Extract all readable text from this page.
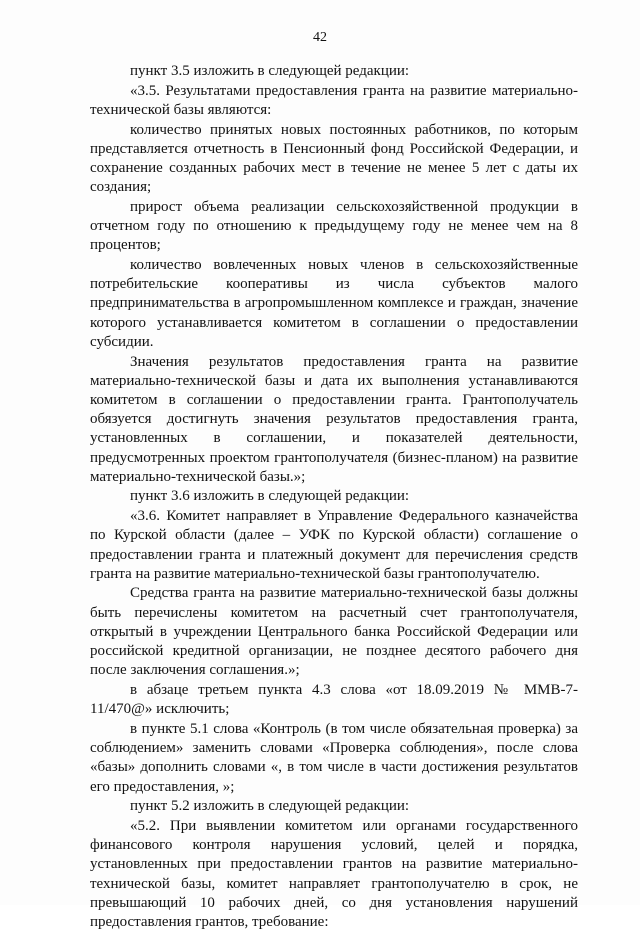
42

пункт 3.5 изложить в следующей редакции:

«3.5. Результатами предоставления гранта на развитие материально-технической базы являются:

количество принятых новых постоянных работников, по которым представляется отчетность в Пенсионный фонд Российской Федерации, и сохранение созданных рабочих мест в течение не менее 5 лет с даты их создания;

прирост объема реализации сельскохозяйственной продукции в отчетном году по отношению к предыдущему году не менее чем на 8 процентов;

количество вовлеченных новых членов в сельскохозяйственные потребительские кооперативы из числа субъектов малого предпринимательства в агропромышленном комплексе и граждан, значение которого устанавливается комитетом в соглашении о предоставлении субсидии.

Значения результатов предоставления гранта на развитие материально-технической базы и дата их выполнения устанавливаются комитетом в соглашении о предоставлении гранта. Грантополучатель обязуется достигнуть значения результатов предоставления гранта, установленных в соглашении, и показателей деятельности, предусмотренных проектом грантополучателя (бизнес-планом) на развитие материально-технической базы.»;

пункт 3.6 изложить в следующей редакции:

«3.6. Комитет направляет в Управление Федерального казначейства по Курской области (далее – УФК по Курской области) соглашение о предоставлении гранта и платежный документ для перечисления средств гранта на развитие материально-технической базы грантополучателю.

Средства гранта на развитие материально-технической базы должны быть перечислены комитетом на расчетный счет грантополучателя, открытый в учреждении Центрального банка Российской Федерации или российской кредитной организации, не позднее десятого рабочего дня после заключения соглашения.»;

в абзаце третьем пункта 4.3 слова «от 18.09.2019 № МMB-7-11/470@» исключить;

в пункте 5.1 слова «Контроль (в том числе обязательная проверка) за соблюдением» заменить словами «Проверка соблюдения», после слова «базы» дополнить словами «, в том числе в части достижения результатов его предоставления, »;

пункт 5.2 изложить в следующей редакции:

«5.2. При выявлении комитетом или органами государственного финансового контроля нарушения условий, целей и порядка, установленных при предоставлении грантов на развитие материально-технической базы, комитет направляет грантополучателю в срок, не превышающий 10 рабочих дней, со дня установления нарушений предоставления грантов, требование:
